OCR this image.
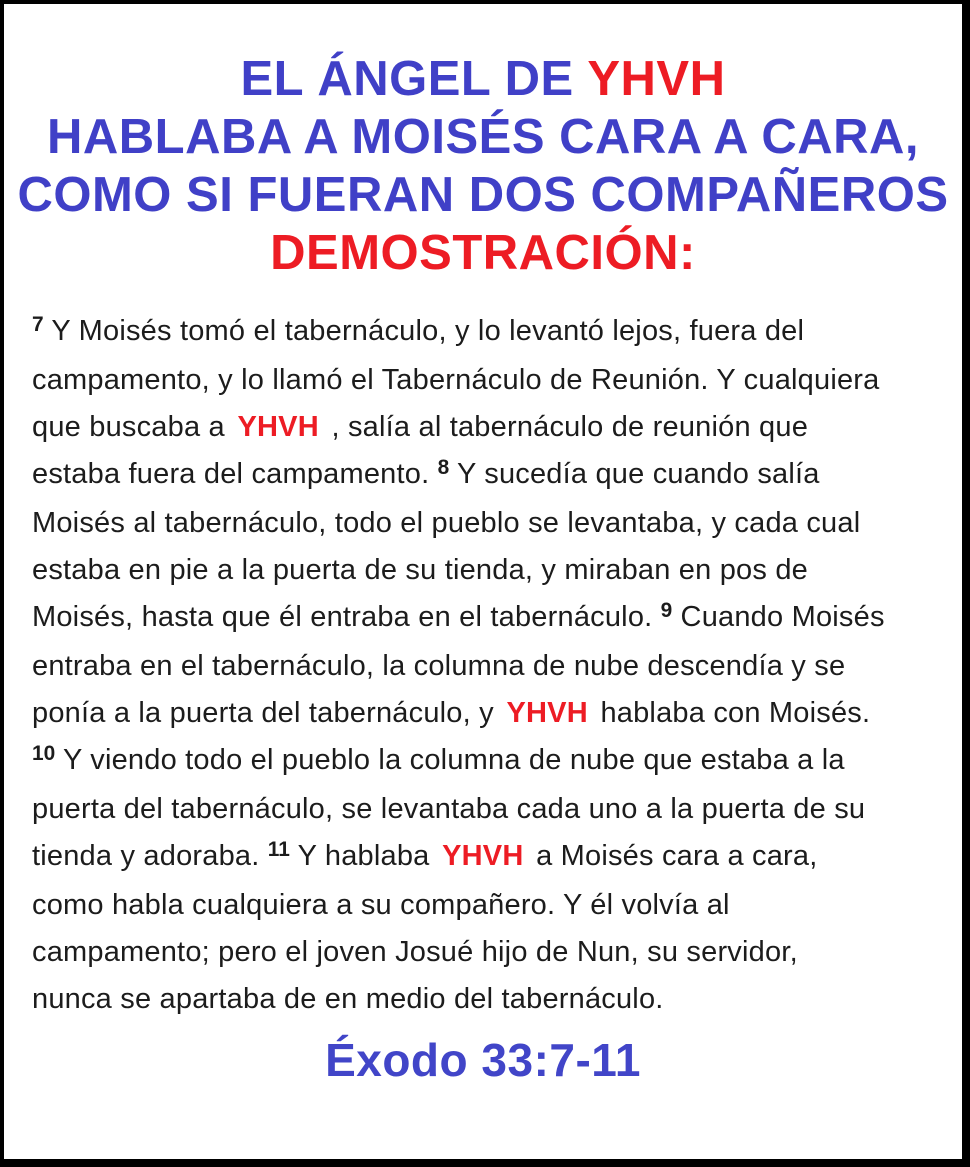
EL ÁNGEL DE YHVH
HABLABA A MOISÉS CARA A CARA,
COMO SI FUERAN DOS COMPAÑEROS
DEMOSTRACIÓN:
$^7$ Y Moisés tomó el tabernáculo, y lo levantó lejos, fuera del
campamento, y lo llamó el Tabernáculo de Reunión. Y cualquiera
que buscaba a YHVH , salía al tabernáculo de reunión que
estaba fuera del campamento. $^8$ Y sucedía que cuando salía
Moisés al tabernáculo, todo el pueblo se levantaba, y cada cual
estaba en pie a la puerta de su tienda, y miraban en pos de
Moisés, hasta que él entraba en el tabernáculo. $^9$ Cuando Moisés
entraba en el tabernáculo, la columna de nube descendía y se
ponía a la puerta del tabernáculo, y YHVH hablaba con Moisés.
$^{10}$ Y viendo todo el pueblo la columna de nube que estaba a la
puerta del tabernáculo, se levantaba cada uno a la puerta de su
tienda y adoraba. $^{11}$ Y hablaba YHVH a Moisés cara a cara,
como habla cualquiera a su compañero. Y él volvía al
campamento; pero el joven Josué hijo de Nun, su servidor,
nunca se apartaba de en medio del tabernáculo.
Éxodo 33:7-11
